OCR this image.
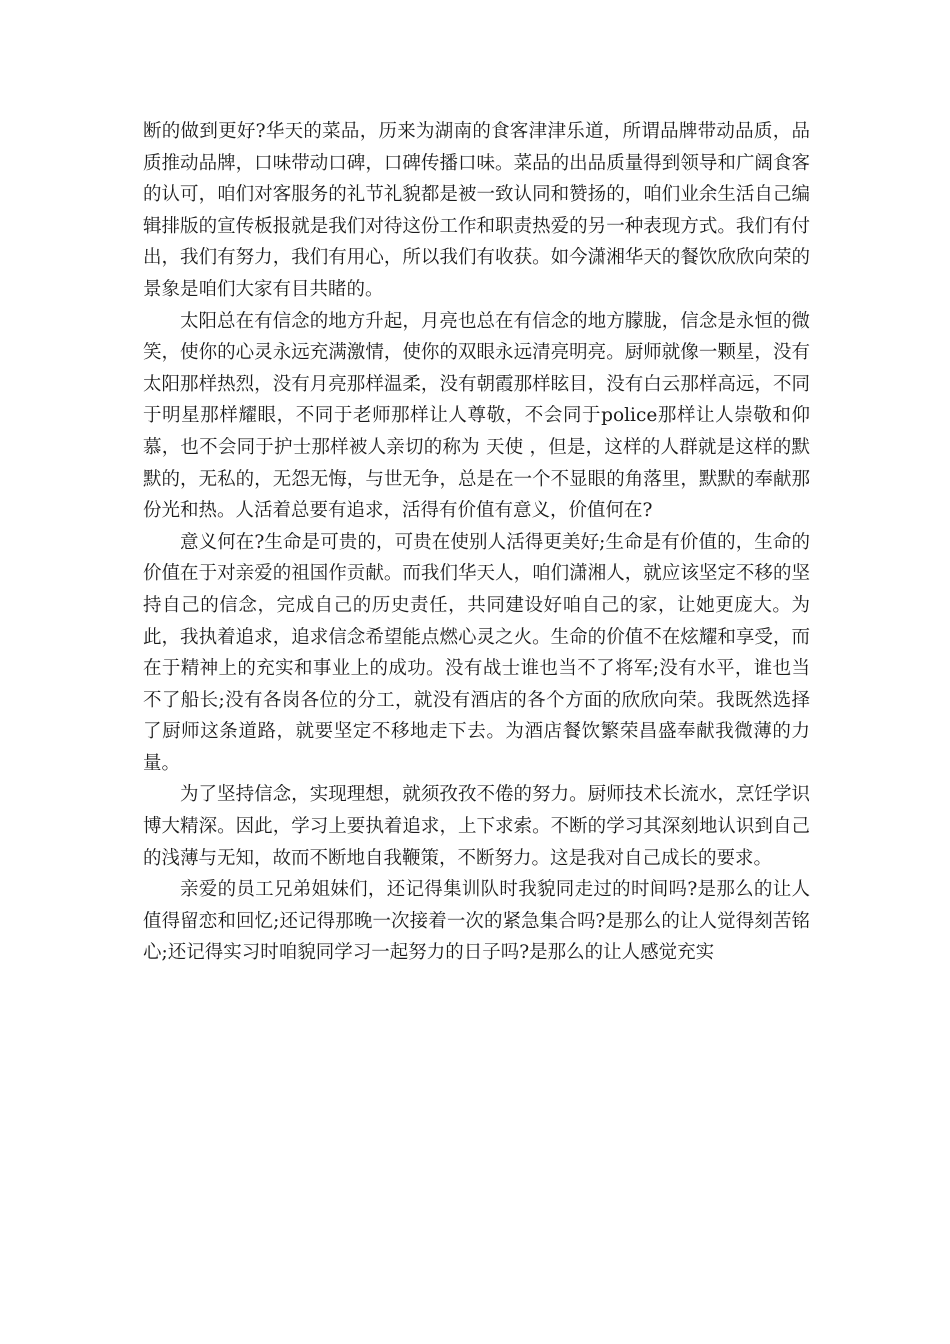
断的做到更好?华天的菜品，历来为湖南的食客津津乐道，所谓品牌带动品质，品质推动品牌，口味带动口碑，口碑传播口味。菜品的出品质量得到领导和广阔食客的认可，咱们对客服务的礼节礼貌都是被一致认同和赞扬的，咱们业余生活自己编辑排版的宣传板报就是我们对待这份工作和职责热爱的另一种表现方式。我们有付出，我们有努力，我们有用心，所以我们有收获。如今潇湘华天的餐饮欣欣向荣的景象是咱们大家有目共睹的。

太阳总在有信念的地方升起，月亮也总在有信念的地方朦胧，信念是永恒的微笑，使你的心灵永远充满激情，使你的双眼永远清亮明亮。厨师就像一颗星，没有太阳那样热烈，没有月亮那样温柔，没有朝霞那样眩目，没有白云那样高远，不同于明星那样耀眼，不同于老师那样让人尊敬，不会同于police那样让人崇敬和仰慕，也不会同于护士那样被人亲切的称为 天使 ，但是，这样的人群就是这样的默默的，无私的，无怨无悔，与世无争，总是在一个不显眼的角落里，默默的奉献那份光和热。人活着总要有追求，活得有价值有意义，价值何在?

意义何在?生命是可贵的，可贵在使别人活得更美好;生命是有价值的，生命的价值在于对亲爱的祖国作贡献。而我们华天人，咱们潇湘人，就应该坚定不移的坚持自己的信念，完成自己的历史责任，共同建设好咱自己的家，让她更庞大。为此，我执着追求，追求信念希望能点燃心灵之火。生命的价值不在炫耀和享受，而在于精神上的充实和事业上的成功。没有战士谁也当不了将军;没有水平，谁也当不了船长;没有各岗各位的分工，就没有酒店的各个方面的欣欣向荣。我既然选择了厨师这条道路，就要坚定不移地走下去。为酒店餐饮繁荣昌盛奉献我微薄的力量。

为了坚持信念，实现理想，就须孜孜不倦的努力。厨师技术长流水，烹饪学识博大精深。因此，学习上要执着追求，上下求索。不断的学习其深刻地认识到自己的浅薄与无知，故而不断地自我鞭策，不断努力。这是我对自己成长的要求。

亲爱的员工兄弟姐妹们，还记得集训队时我貌同走过的时间吗?是那么的让人值得留恋和回忆;还记得那晚一次接着一次的紧急集合吗?是那么的让人觉得刻苦铭心;还记得实习时咱貌同学习一起努力的日子吗?是那么的让人感觉充实
